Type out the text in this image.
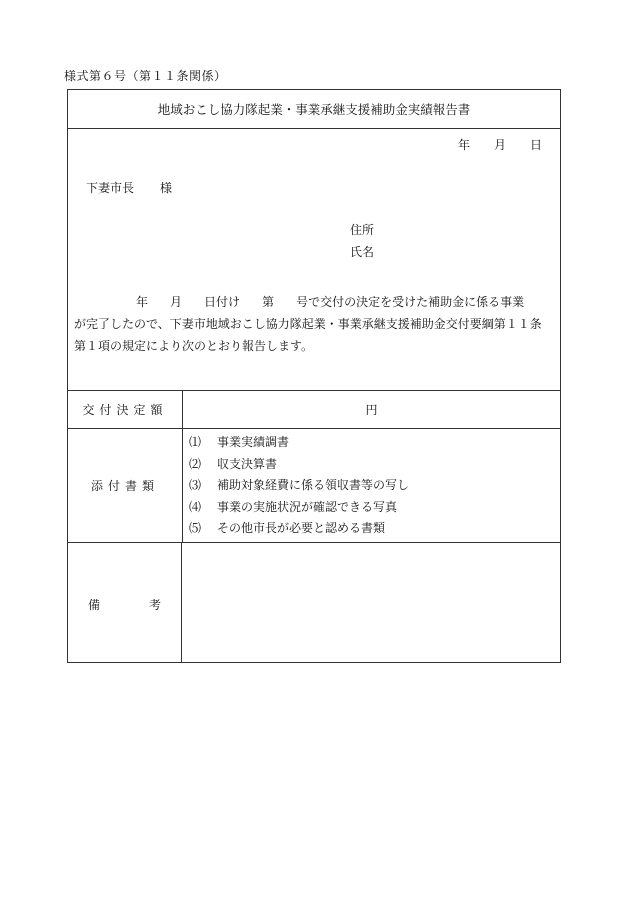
様式第６号（第１１条関係）
地域おこし協力隊起業・事業承継支援補助金実績報告書
年 月 日
下妻市長 様
住所
氏名
年 月 日付け 第 号で交付の決定を受けた補助金に係る事業
が完了したので、下妻市地域おこし協力隊起業・事業承継支援補助金交付要綱第１１条
第１項の規定により次のとおり報告します。
交付決定額	円
添付書類
⑴	事業実績調書
⑵	収支決算書
⑶	補助対象経費に係る領収書等の写し
⑷	事業の実施状況が確認できる写真
⑸	その他市長が必要と認める書類
備	考
